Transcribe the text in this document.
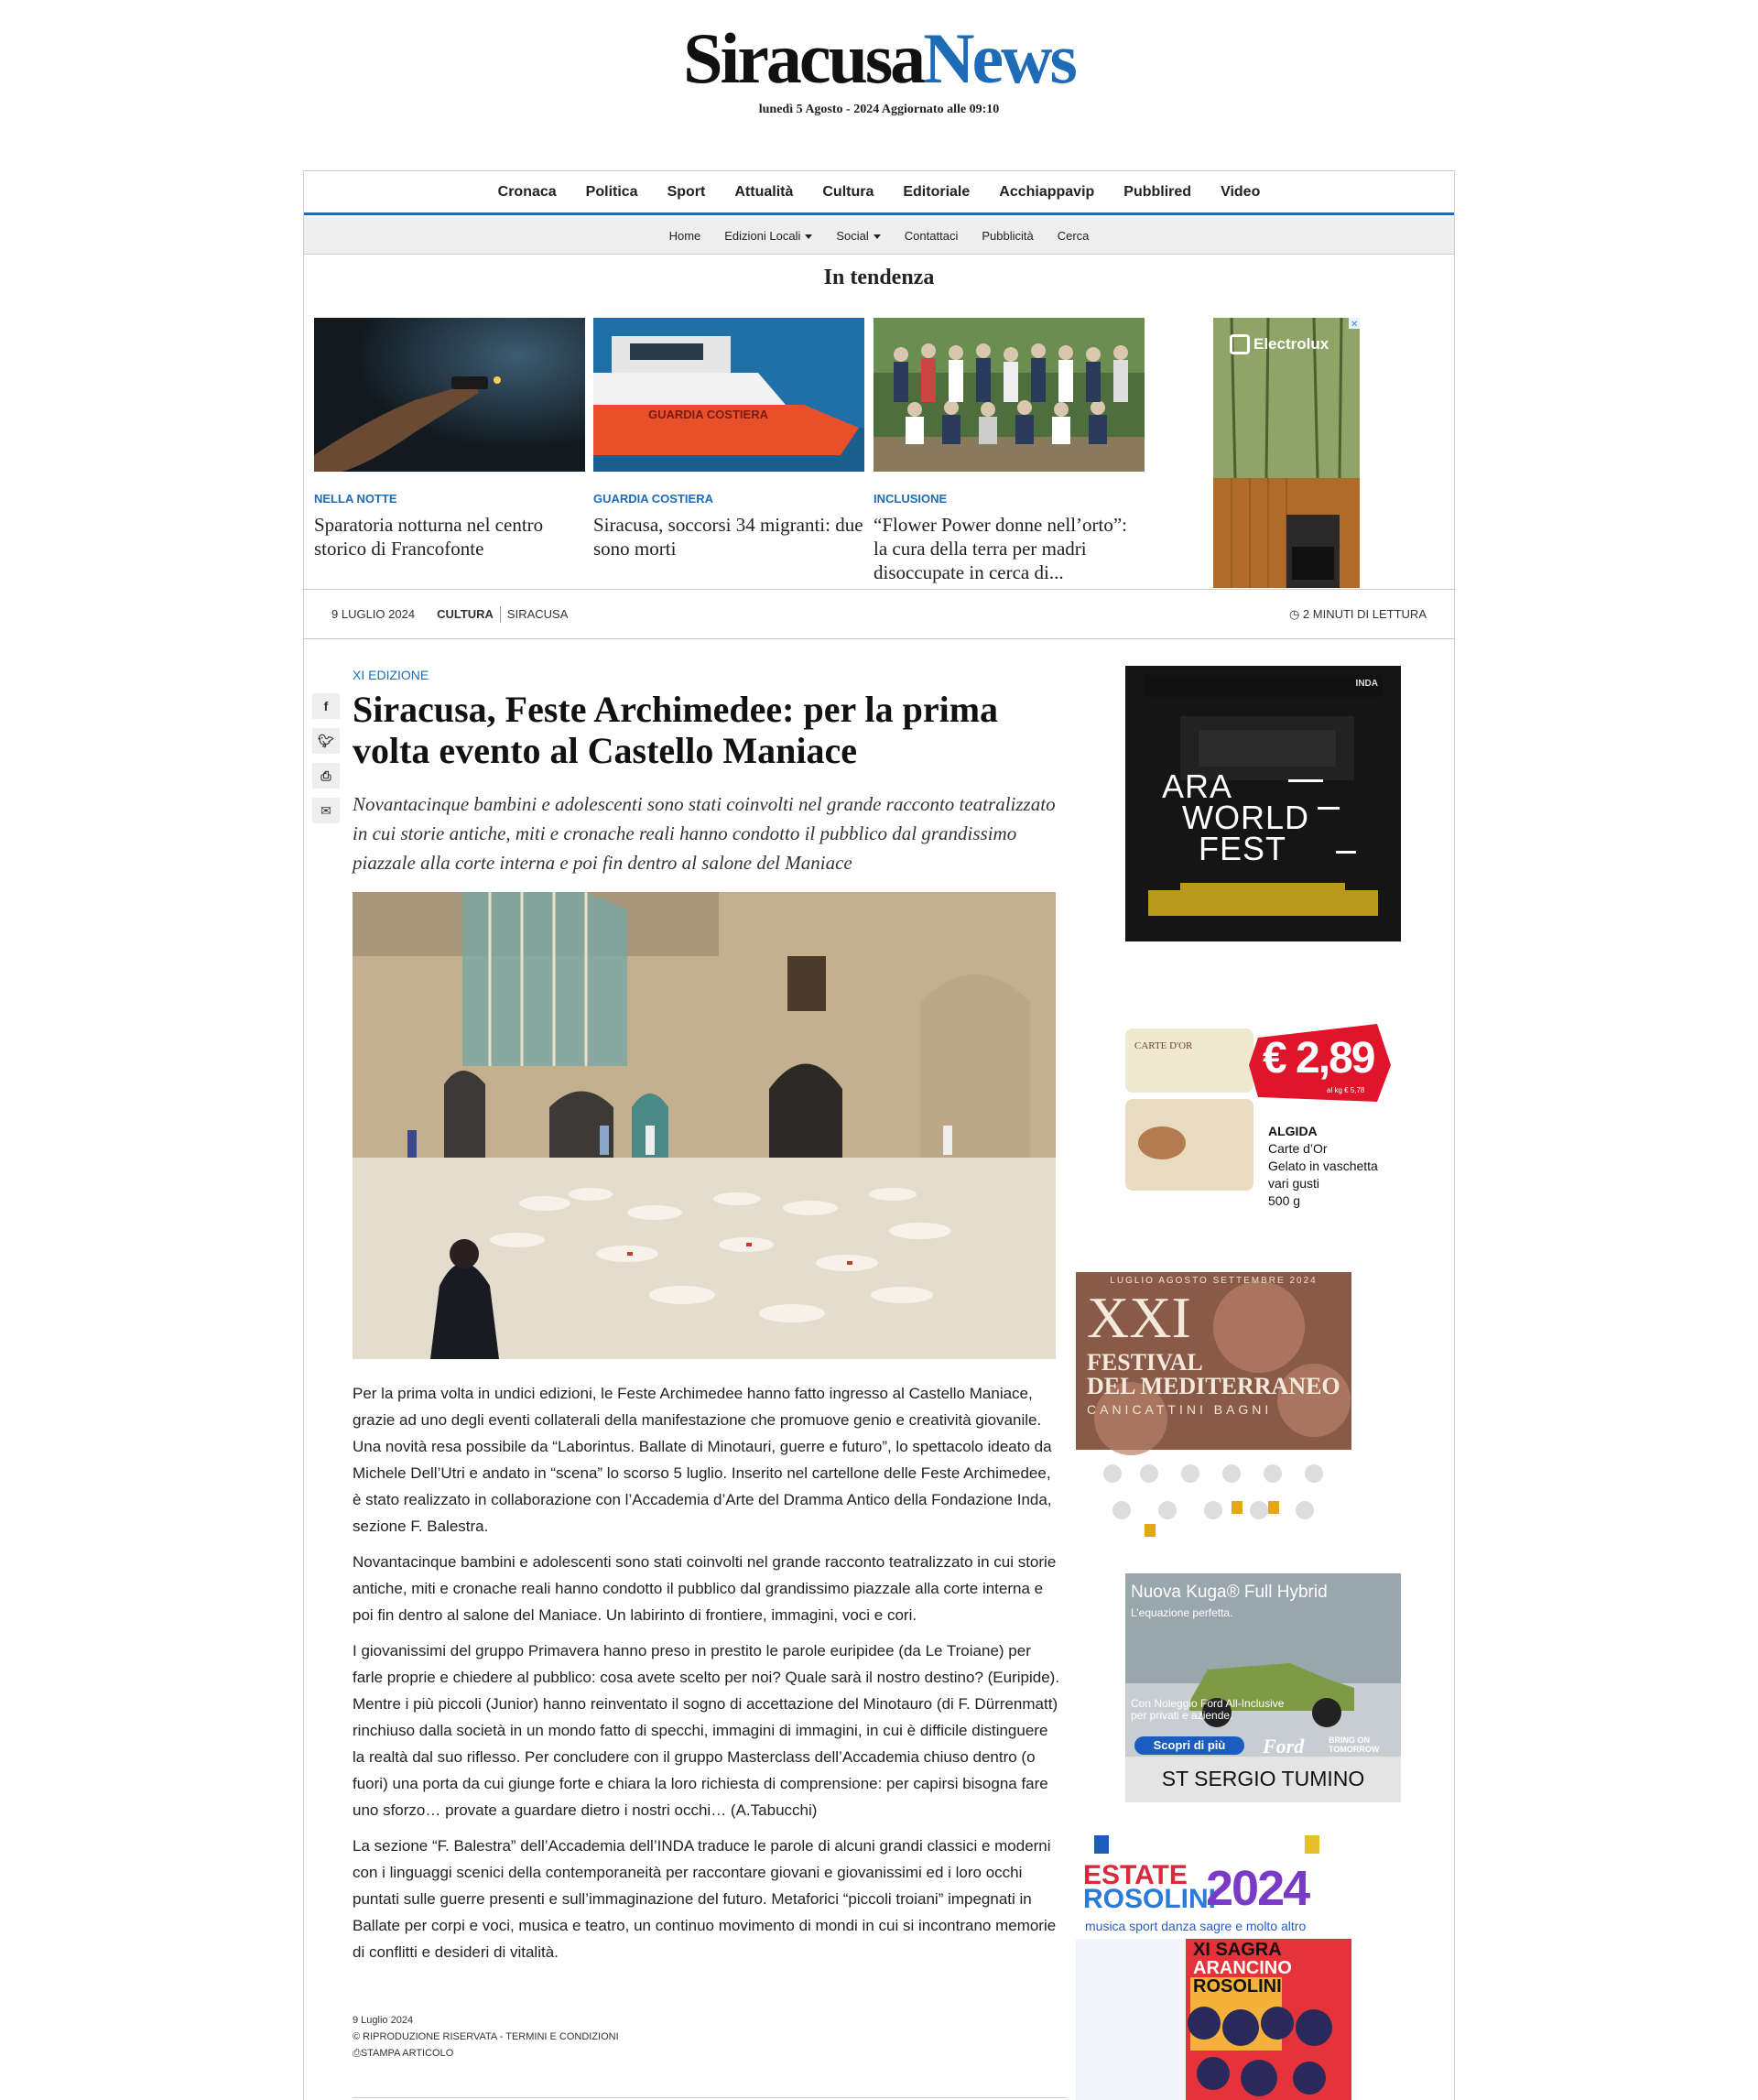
SiracusaNews
lunedì 5 Agosto - 2024 Aggiornato alle 09:10
Cronaca	Politica	Sport	Attualità	Cultura	Editoriale	Acchiappavip	Pubblired	Video
Home	Edizioni Locali	Social	Contattaci	Pubblicità	Cerca
In tendenza
NELLA NOTTE
Sparatoria notturna nel centro storico di Francofonte
GUARDIA COSTIERA
GUARDIA COSTIERA
Siracusa, soccorsi 34 migranti: due sono morti
INCLUSIONE
“Flower Power donne nell’orto”: la cura della terra per madri disoccupate in cerca di...
✕
Electrolux
9 LUGLIO 2024 CULTURA SIRACUSA	◷ 2 MINUTI DI LETTURA
f
🐦︎
⎙
✉
XI EDIZIONE
Siracusa, Feste Archimedee: per la prima volta evento al Castello Maniace
Novantacinque bambini e adolescenti sono stati coinvolti nel grande racconto teatralizzato in cui storie antiche, miti e cronache reali hanno condotto il pubblico dal grandissimo piazzale alla corte interna e poi fin dentro al salone del Maniace

Per la prima volta in undici edizioni, le Feste Archimedee hanno fatto ingresso al Castello Maniace, grazie ad uno degli eventi collaterali della manifestazione che promuove genio e creatività giovanile. Una novità resa possibile da “Laborintus. Ballate di Minotauri, guerre e futuro”, lo spettacolo ideato da Michele Dell’Utri e andato in “scena” lo scorso 5 luglio. Inserito nel cartellone delle Feste Archimedee, è stato realizzato in collaborazione con l’Accademia d’Arte del Dramma Antico della Fondazione Inda, sezione F. Balestra.

Novantacinque bambini e adolescenti sono stati coinvolti nel grande racconto teatralizzato in cui storie antiche, miti e cronache reali hanno condotto il pubblico dal grandissimo piazzale alla corte interna e poi fin dentro al salone del Maniace. Un labirinto di frontiere, immagini, voci e cori.

I giovanissimi del gruppo Primavera hanno preso in prestito le parole euripidee (da Le Troiane) per farle proprie e chiedere al pubblico: cosa avete scelto per noi? Quale sarà il nostro destino? (Euripide). Mentre i più piccoli (Junior) hanno reinventato il sogno di accettazione del Minotauro (di F. Dürrenmatt) rinchiuso dalla società in un mondo fatto di specchi, immagini di immagini, in cui è difficile distinguere la realtà dal suo riflesso. Per concludere con il gruppo Masterclass dell’Accademia chiuso dentro (o fuori) una porta da cui giunge forte e chiara la loro richiesta di comprensione: per capirsi bisogna fare uno sforzo… provate a guardare dietro i nostri occhi… (A.Tabucchi)

La sezione “F. Balestra” dell’Accademia dell’INDA traduce le parole di alcuni grandi classici e moderni con i linguaggi scenici della contemporaneità per raccontare giovani e giovanissimi ed i loro occhi puntati sulle guerre presenti e sull’immaginazione del futuro. Metaforici “piccoli troiani” impegnati in Ballate per corpi e voci, musica e teatro, un continuo movimento di mondi in cui si incontrano memorie di conflitti e desideri di vitalità.

9 Luglio 2024
© RIPRODUZIONE RISERVATA - TERMINI E CONDIZIONI
⎙STAMPA ARTICOLO
ARA
WORLD
FEST
INDA
CARTE D'OR € 2,89
al kg € 5,78
ALGIDA
Carte d’Or
Gelato in vaschetta
vari gusti
500 g
LUGLIO AGOSTO SETTEMBRE 2024
XXI
FESTIVAL
DEL MEDITERRANEO
CANICATTINI BAGNI
Nuova Kuga® Full Hybrid
L’equazione perfetta.
Con Noleggio Ford All-Inclusive
per privati e aziende.
Scopri di più	Ford	BRING ON
TOMORROW
ST SERGIO TUMINO
ESTATE
ROSOLINI
2024
musica sport danza sagre e molto altro
XI SAGRA
ARANCINO
ROSOLINI
